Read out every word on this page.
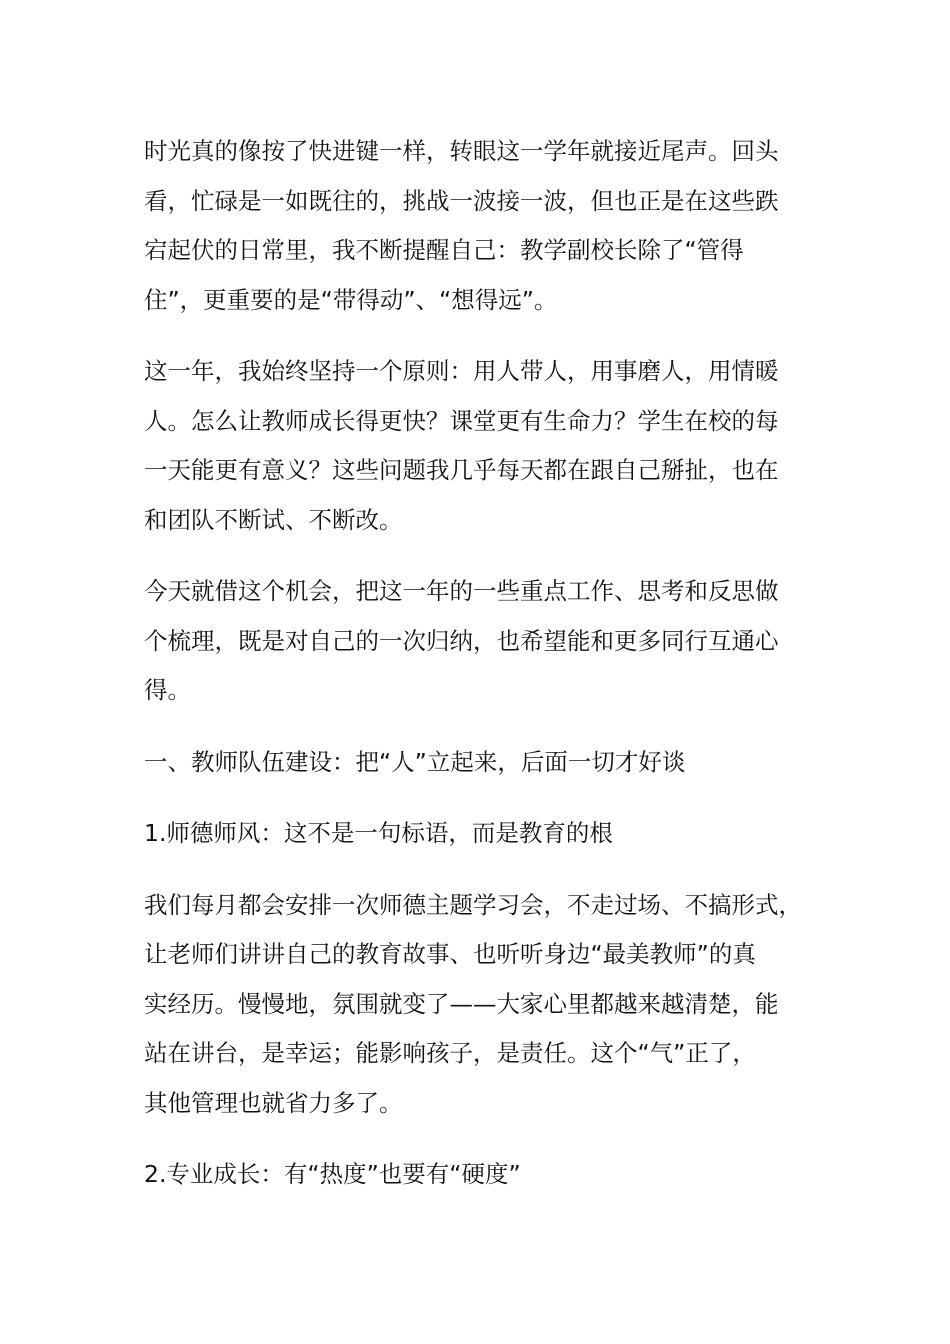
时光真的像按了快进键一样，转眼这一学年就接近尾声。回头
看，忙碌是一如既往的，挑战一波接一波，但也正是在这些跌
宕起伏的日常里，我不断提醒自己：教学副校长除了“管得
住”，更重要的是“带得动”、“想得远”。

这一年，我始终坚持一个原则：用人带人，用事磨人，用情暖
人。怎么让教师成长得更快？课堂更有生命力？学生在校的每
一天能更有意义？这些问题我几乎每天都在跟自己掰扯，也在
和团队不断试、不断改。

今天就借这个机会，把这一年的一些重点工作、思考和反思做
个梳理，既是对自己的一次归纳，也希望能和更多同行互通心
得。

一、教师队伍建设：把“人”立起来，后面一切才好谈

1.师德师风：这不是一句标语，而是教育的根

我们每月都会安排一次师德主题学习会，不走过场、不搞形式，
让老师们讲讲自己的教育故事、也听听身边“最美教师”的真
实经历。慢慢地，氛围就变了——大家心里都越来越清楚，能
站在讲台，是幸运；能影响孩子，是责任。这个“气”正了，
其他管理也就省力多了。

2.专业成长：有“热度”也要有“硬度”
